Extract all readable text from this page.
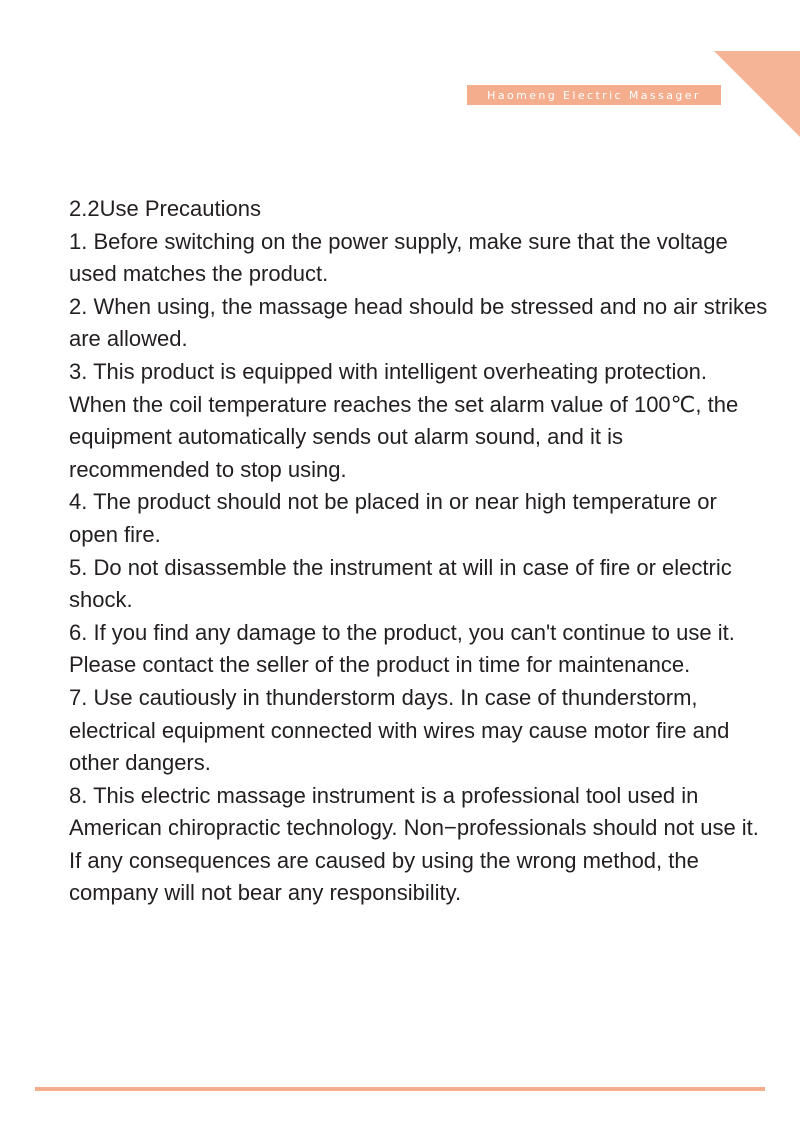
Haomeng Electric Massager

2.2Use Precautions

1. Before switching on the power supply, make sure that the voltage used matches the product.

2. When using, the massage head should be stressed and no air strikes are allowed.

3. This product is equipped with intelligent overheating protection. When the coil temperature reaches the set alarm value of 100℃, the equipment automatically sends out alarm sound, and it is recommended to stop using.

4. The product should not be placed in or near high temperature or open fire.

5. Do not disassemble the instrument at will in case of fire or electric shock.

6. If you find any damage to the product, you can't continue to use it. Please contact the seller of the product in time for maintenance.

7. Use cautiously in thunderstorm days. In case of thunderstorm, electrical equipment connected with wires may cause motor fire and other dangers.

8. This electric massage instrument is a professional tool used in American chiropractic technology. Non−professionals should not use it. If any consequences are caused by using the wrong method, the company will not bear any responsibility.
